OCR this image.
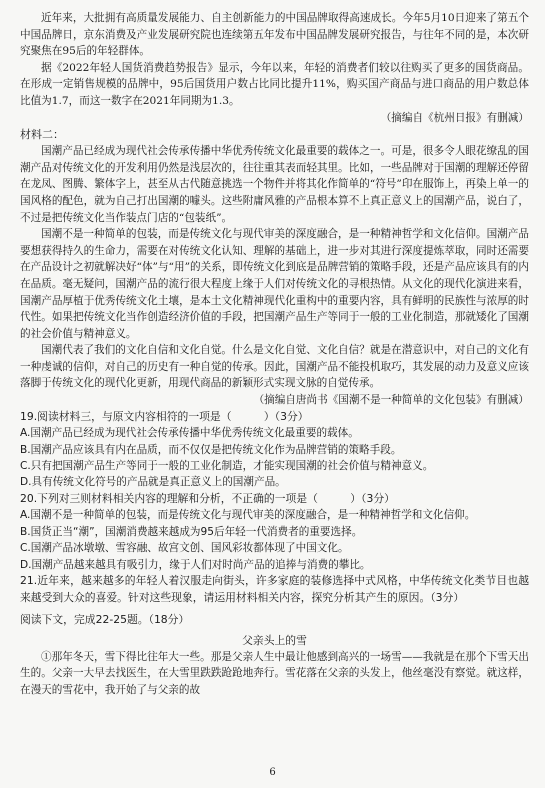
近年来，大批拥有高质量发展能力、自主创新能力的中国品牌取得高速成长。今年5月10日迎来了第五个中国品牌日，京东消费及产业发展研究院也连续第五年发布中国品牌发展研究报告，与往年不同的是，本次研究聚焦在95后的年轻群体。

据《2022年轻人国货消费趋势报告》显示，今年以来，年轻的消费者们较以往购买了更多的国货商品。在形成一定销售规模的品牌中，95后国货用户数占比同比提升11%，购买国产商品与进口商品的用户数总体比值为1.7，而这一数字在2021年同期为1.3。

（摘编自《杭州日报》有删减）

材料二：

国潮产品已经成为现代社会传承传播中华优秀传统文化最重要的载体之一。可是，很多令人眼花缭乱的国潮产品对传统文化的开发利用仍然是浅层次的，往往重其表而轻其里。比如，一些品牌对于国潮的理解还停留在龙凤、图腾、繁体字上，甚至从古代随意挑选一个物件并将其化作简单的“符号”印在服饰上，再染上单一的国风格的配色，就为自己打出国潮的噱头。这些附庸风雅的产品根本算不上真正意义上的国潮产品，说白了，不过是把传统文化当作装点门店的“包装纸”。

国潮不是一种简单的包装，而是传统文化与现代审美的深度融合，是一种精神哲学和文化信仰。国潮产品要想获得持久的生命力，需要在对传统文化认知、理解的基础上，进一步对其进行深度提炼萃取，同时还需要在产品设计之初就解决好“体”与“用”的关系，即传统文化到底是品牌营销的策略手段，还是产品应该具有的内在品质。毫无疑问，国潮产品的流行很大程度上缘于人们对传统文化的寻根热情。从文化的现代化演进来看，国潮产品厚植于优秀传统文化土壤，是本土文化精神现代化重构中的重要内容，具有鲜明的民族性与浓厚的时代性。如果把传统文化当作创造经济价值的手段，把国潮产品生产等同于一般的工业化制造，那就矮化了国潮的社会价值与精神意义。

国潮代表了我们的文化自信和文化自觉。什么是文化自觉、文化自信？就是在潜意识中，对自己的文化有一种虔诚的信仰，对自己的历史有一种自觉的传承。因此，国潮产品不能投机取巧，其发展的动力及意义应该落脚于传统文化的现代化更新，用现代商品的新颖形式实现文脉的自觉传承。

（摘编自唐尚书《国潮不是一种简单的文化包装》有删减）

19.阅读材料三，与原文内容相符的一项是（　　　）（3分）

A.国潮产品已经成为现代社会传承传播中华优秀传统文化最重要的载体。

B.国潮产品应该具有内在品质，而不仅仅是把传统文化作为品牌营销的策略手段。

C.只有把国潮产品生产等同于一般的工业化制造，才能实现国潮的社会价值与精神意义。

D.具有传统文化符号的产品就是真正意义上的国潮产品。

20.下列对三则材料相关内容的理解和分析，不正确的一项是（　　　）（3分）

A.国潮不是一种简单的包装，而是传统文化与现代审美的深度融合，是一种精神哲学和文化信仰。

B.国货正当“潮”，国潮消费越来越成为95后年轻一代消费者的重要选择。

C.国潮产品冰墩墩、雪容融、故宫文创、国风彩妆都体现了中国文化。

D.国潮产品越来越具有吸引力，缘于人们对时尚产品的追捧与消费的攀比。

21.近年来，越来越多的年轻人着汉服走向街头，许多家庭的装修选择中式风格，中华传统文化类节目也越来越受到大众的喜爱。针对这些现象，请运用材料相关内容，探究分析其产生的原因。（3分）

阅读下文，完成22-25题。（18分）

父亲头上的雪

①那年冬天，雪下得比往年大一些。那是父亲人生中最让他感到高兴的一场雪——我就是在那个下雪天出生的。父亲一大早去找医生，在大雪里跌跌跄跄地奔行。雪花落在父亲的头发上，他丝毫没有察觉。就这样，在漫天的雪花中，我开始了与父亲的故

6
